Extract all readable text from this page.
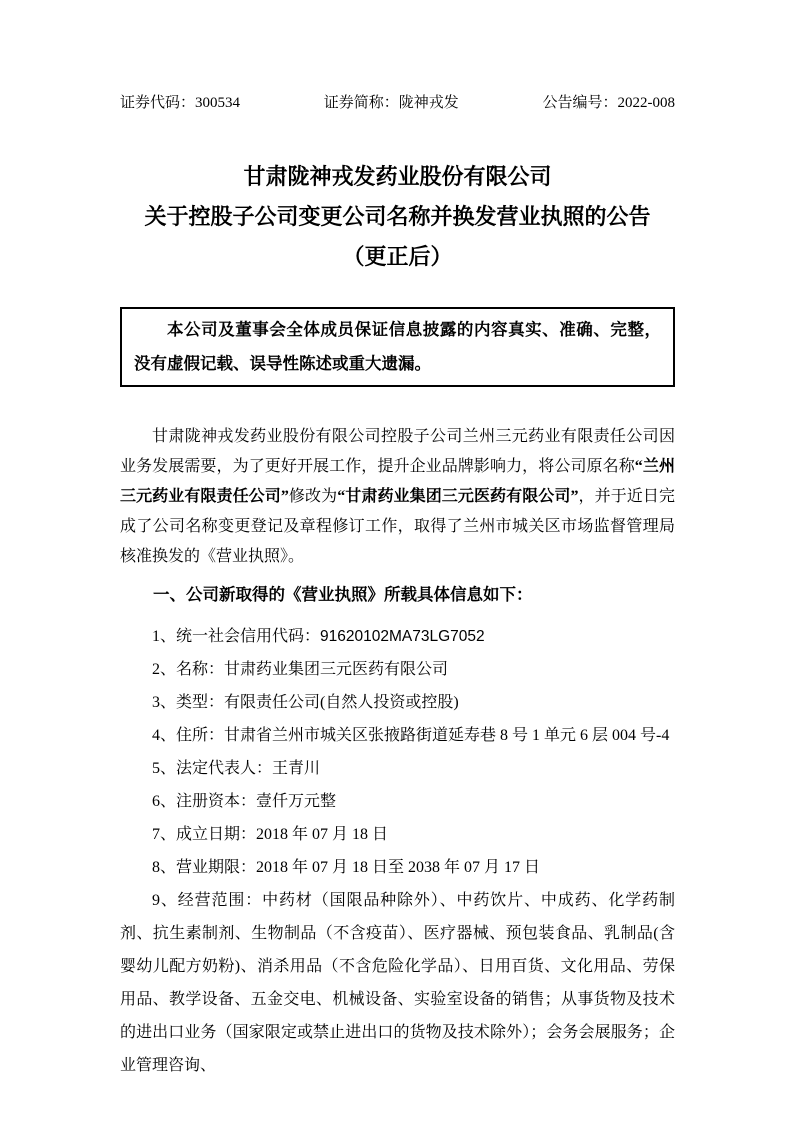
证券代码：300534	证券简称：陇神戎发	公告编号：2022-008
甘肃陇神戎发药业股份有限公司
关于控股子公司变更公司名称并换发营业执照的公告
（更正后）

本公司及董事会全体成员保证信息披露的内容真实、准确、完整，没有虚假记载、误导性陈述或重大遗漏。

甘肃陇神戎发药业股份有限公司控股子公司兰州三元药业有限责任公司因业务发展需要，为了更好开展工作，提升企业品牌影响力，将公司原名称“兰州三元药业有限责任公司”修改为“甘肃药业集团三元医药有限公司”，并于近日完成了公司名称变更登记及章程修订工作，取得了兰州市城关区市场监督管理局核准换发的《营业执照》。

一、公司新取得的《营业执照》所载具体信息如下：

1、统一社会信用代码：91620102MA73LG7052

2、名称：甘肃药业集团三元医药有限公司

3、类型：有限责任公司(自然人投资或控股)

4、住所：甘肃省兰州市城关区张掖路街道延寿巷 8 号 1 单元 6 层 004 号-4

5、法定代表人：王青川

6、注册资本：壹仟万元整

7、成立日期：2018 年 07 月 18 日

8、营业期限：2018 年 07 月 18 日至 2038 年 07 月 17 日

9、经营范围：中药材（国限品种除外）、中药饮片、中成药、化学药制剂、抗生素制剂、生物制品（不含疫苗）、医疗器械、预包装食品、乳制品(含婴幼儿配方奶粉)、消杀用品（不含危险化学品）、日用百货、文化用品、劳保用品、教学设备、五金交电、机械设备、实验室设备的销售；从事货物及技术的进出口业务（国家限定或禁止进出口的货物及技术除外）；会务会展服务；企业管理咨询、
